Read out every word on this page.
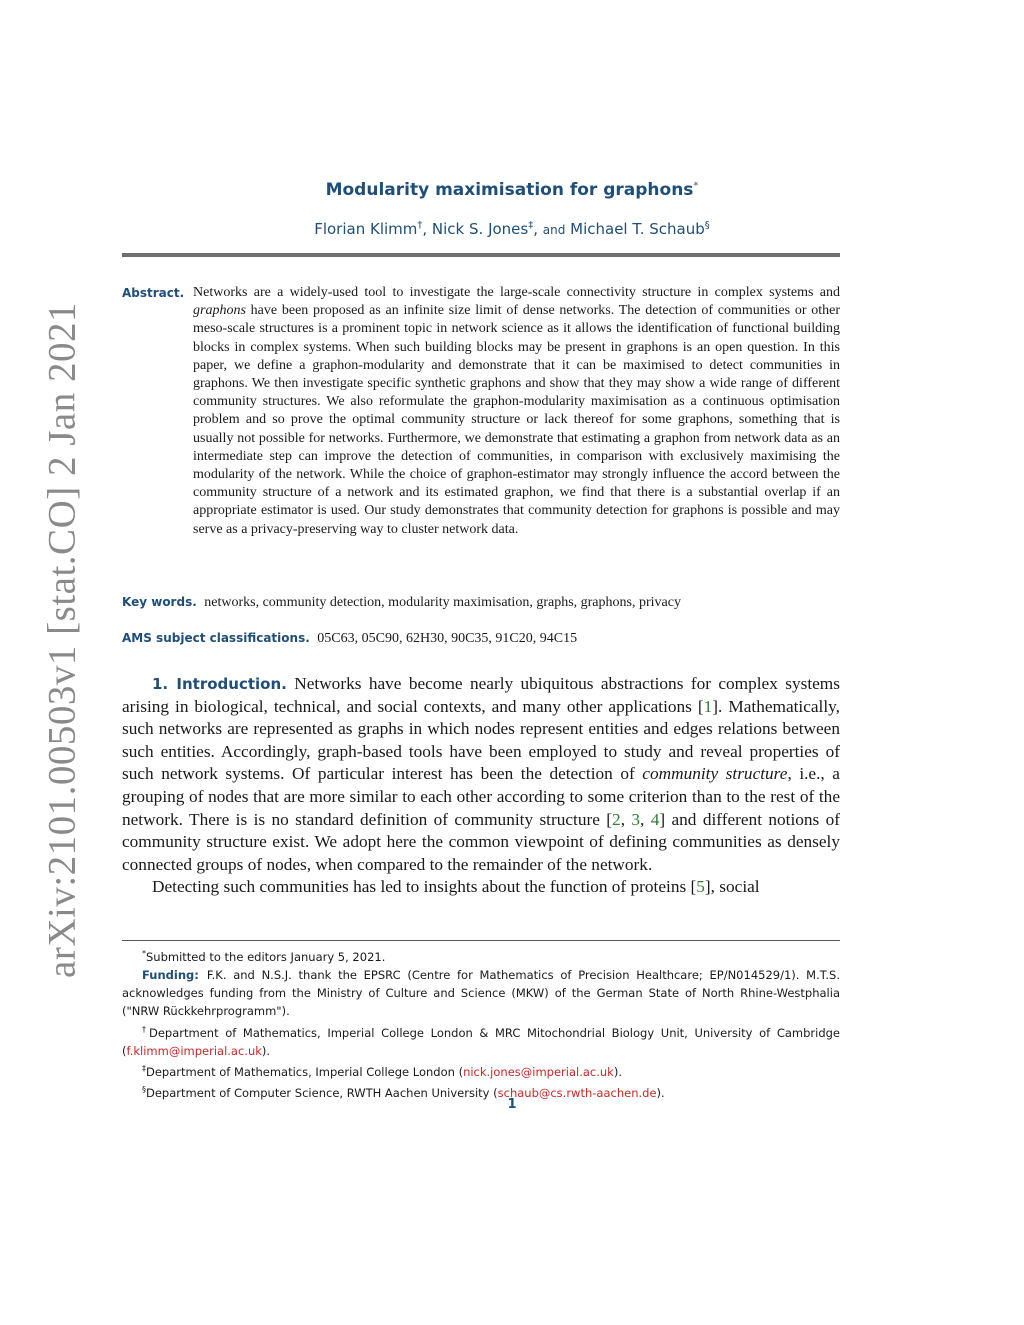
arXiv:2101.00503v1 [stat.CO] 2 Jan 2021
Modularity maximisation for graphons*
Florian Klimm†, Nick S. Jones‡, and Michael T. Schaub§
Abstract. Networks are a widely-used tool to investigate the large-scale connectivity structure in complex systems and graphons have been proposed as an infinite size limit of dense networks. The detection of communities or other meso-scale structures is a prominent topic in network science as it allows the identification of functional building blocks in complex systems. When such building blocks may be present in graphons is an open question. In this paper, we define a graphon-modularity and demonstrate that it can be maximised to detect communities in graphons. We then investigate specific synthetic graphons and show that they may show a wide range of different community structures. We also reformulate the graphon-modularity maximisation as a continuous optimisation problem and so prove the optimal community structure or lack thereof for some graphons, something that is usually not possible for networks. Furthermore, we demonstrate that estimating a graphon from network data as an intermediate step can improve the detection of communities, in comparison with exclusively maximising the modularity of the network. While the choice of graphon-estimator may strongly influence the accord between the community structure of a network and its estimated graphon, we find that there is a substantial overlap if an appropriate estimator is used. Our study demonstrates that community detection for graphons is possible and may serve as a privacy-preserving way to cluster network data.
Key words. networks, community detection, modularity maximisation, graphs, graphons, privacy
AMS subject classifications. 05C63, 05C90, 62H30, 90C35, 91C20, 94C15

1. Introduction. Networks have become nearly ubiquitous abstractions for complex systems arising in biological, technical, and social contexts, and many other applications [1]. Mathematically, such networks are represented as graphs in which nodes represent entities and edges relations between such entities. Accordingly, graph-based tools have been employed to study and reveal properties of such network systems. Of particular interest has been the detection of community structure, i.e., a grouping of nodes that are more similar to each other according to some criterion than to the rest of the network. There is is no standard definition of community structure [2, 3, 4] and different notions of community structure exist. We adopt here the common viewpoint of defining communities as densely connected groups of nodes, when compared to the remainder of the network.

Detecting such communities has led to insights about the function of proteins [5], social

*Submitted to the editors January 5, 2021.

Funding: F.K. and N.S.J. thank the EPSRC (Centre for Mathematics of Precision Healthcare; EP/N014529/1). M.T.S. acknowledges funding from the Ministry of Culture and Science (MKW) of the German State of North Rhine-Westphalia ("NRW Rückkehrprogramm").

†Department of Mathematics, Imperial College London & MRC Mitochondrial Biology Unit, University of Cambridge (f.klimm@imperial.ac.uk).

‡Department of Mathematics, Imperial College London (nick.jones@imperial.ac.uk).

§Department of Computer Science, RWTH Aachen University (schaub@cs.rwth-aachen.de).

1
